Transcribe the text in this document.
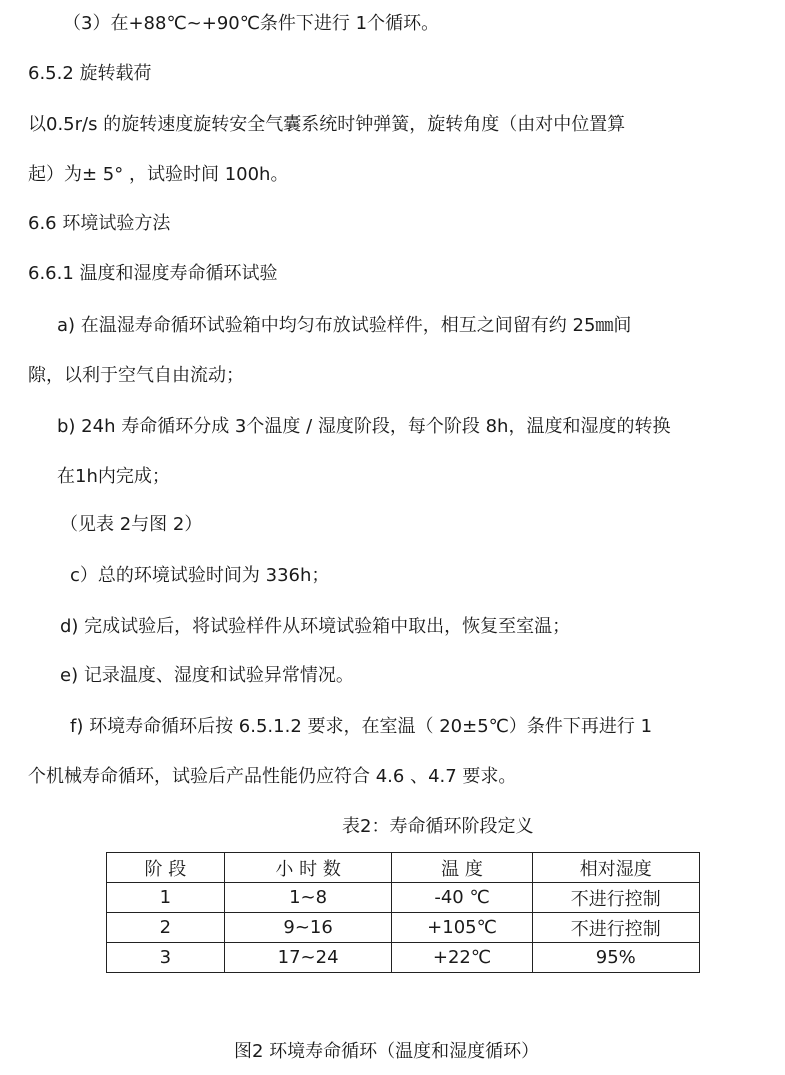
（3）在+88℃~+90℃条件下进行 1个循环。
6.5.2 旋转载荷
以0.5r/s 的旋转速度旋转安全气囊系统时钟弹簧，旋转角度（由对中位置算
起）为± 5° ，试验时间 100h。
6.6 环境试验方法
6.6.1 温度和湿度寿命循环试验
a) 在温湿寿命循环试验箱中均匀布放试验样件，相互之间留有约 25㎜间
隙，以利于空气自由流动；
b) 24h 寿命循环分成 3个温度 / 湿度阶段，每个阶段 8h，温度和湿度的转换
在1h内完成；
（见表 2与图 2）
c）总的环境试验时间为 336h；
d) 完成试验后，将试验样件从环境试验箱中取出，恢复至室温；
e) 记录温度、湿度和试验异常情况。
f) 环境寿命循环后按 6.5.1.2 要求，在室温（ 20±5℃）条件下再进行 1
个机械寿命循环，试验后产品性能仍应符合 4.6 、4.7 要求。
表2：寿命循环阶段定义
阶 段	小 时 数	温 度	相对湿度
1	1~8	-40 ℃	不进行控制
2	9~16	+105℃	不进行控制
3	17~24	+22℃	95%
图2 环境寿命循环（温度和湿度循环）
